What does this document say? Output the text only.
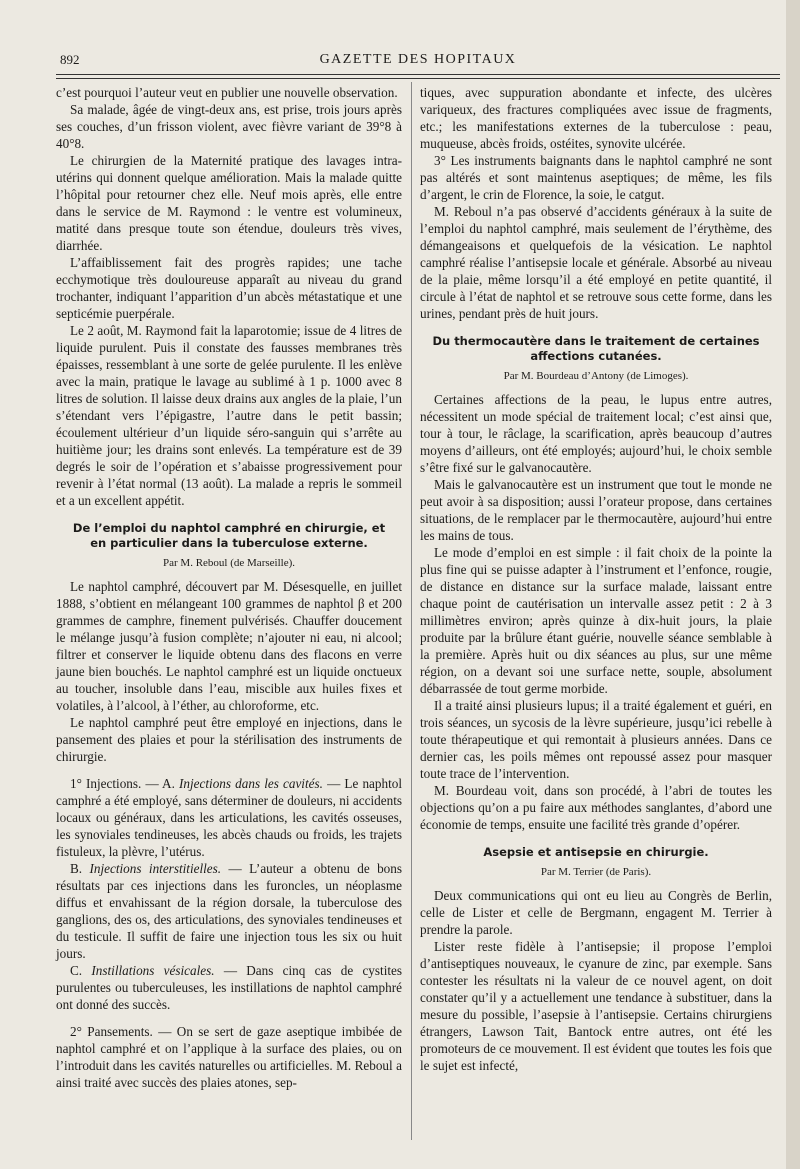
892	GAZETTE DES HOPITAUX

c’est pourquoi l’auteur veut en publier une nouvelle observation.

Sa malade, âgée de vingt-deux ans, est prise, trois jours après ses couches, d’un frisson violent, avec fièvre variant de 39°8 à 40°8.

Le chirurgien de la Maternité pratique des lavages intra-utérins qui donnent quelque amélioration. Mais la malade quitte l’hôpital pour retourner chez elle. Neuf mois après, elle entre dans le service de M. Raymond : le ventre est volumineux, matité dans presque toute son étendue, douleurs très vives, diarrhée.

L’affaiblissement fait des progrès rapides; une tache ecchymotique très douloureuse apparaît au niveau du grand trochanter, indiquant l’apparition d’un abcès métastatique et une septicémie puerpérale.

Le 2 août, M. Raymond fait la laparotomie; issue de 4 litres de liquide purulent. Puis il constate des fausses membranes très épaisses, ressemblant à une sorte de gelée purulente. Il les enlève avec la main, pratique le lavage au sublimé à 1 p. 1000 avec 8 litres de solution. Il laisse deux drains aux angles de la plaie, l’un s’étendant vers l’épigastre, l’autre dans le petit bassin; écoulement ultérieur d’un liquide séro-sanguin qui s’arrête au huitième jour; les drains sont enlevés. La température est de 39 degrés le soir de l’opération et s’abaisse progressivement pour revenir à l’état normal (13 août). La malade a repris le sommeil et a un excellent appétit.

De l’emploi du naphtol camphré en chirurgie, et en particulier dans la tuberculose externe.
Par M. Reboul (de Marseille).

Le naphtol camphré, découvert par M. Désesquelle, en juillet 1888, s’obtient en mélangeant 100 grammes de naphtol β et 200 grammes de camphre, finement pulvérisés. Chauffer doucement le mélange jusqu’à fusion complète; n’ajouter ni eau, ni alcool; filtrer et conserver le liquide obtenu dans des flacons en verre jaune bien bouchés. Le naphtol camphré est un liquide onctueux au toucher, insoluble dans l’eau, miscible aux huiles fixes et volatiles, à l’alcool, à l’éther, au chloroforme, etc.

Le naphtol camphré peut être employé en injections, dans le pansement des plaies et pour la stérilisation des instruments de chirurgie.

1° Injections. — A. Injections dans les cavités. — Le naphtol camphré a été employé, sans déterminer de douleurs, ni accidents locaux ou généraux, dans les articulations, les cavités osseuses, les synoviales tendineuses, les abcès chauds ou froids, les trajets fistuleux, la plèvre, l’utérus.

B. Injections interstitielles. — L’auteur a obtenu de bons résultats par ces injections dans les furoncles, un néoplasme diffus et envahissant de la région dorsale, la tuberculose des ganglions, des os, des articulations, des synoviales tendineuses et du testicule. Il suffit de faire une injection tous les six ou huit jours.

C. Instillations vésicales. — Dans cinq cas de cystites purulentes ou tuberculeuses, les instillations de naphtol camphré ont donné des succès.

2° Pansements. — On se sert de gaze aseptique imbibée de naphtol camphré et on l’applique à la surface des plaies, ou on l’introduit dans les cavités naturelles ou artificielles. M. Reboul a ainsi traité avec succès des plaies atones, sep-

tiques, avec suppuration abondante et infecte, des ulcères variqueux, des fractures compliquées avec issue de fragments, etc.; les manifestations externes de la tuberculose : peau, muqueuse, abcès froids, ostéites, synovite ulcérée.

3° Les instruments baignants dans le naphtol camphré ne sont pas altérés et sont maintenus aseptiques; de même, les fils d’argent, le crin de Florence, la soie, le catgut.

M. Reboul n’a pas observé d’accidents généraux à la suite de l’emploi du naphtol camphré, mais seulement de l’érythème, des démangeaisons et quelquefois de la vésication. Le naphtol camphré réalise l’antisepsie locale et générale. Absorbé au niveau de la plaie, même lorsqu’il a été employé en petite quantité, il circule à l’état de naphtol et se retrouve sous cette forme, dans les urines, pendant près de huit jours.

Du thermocautère dans le traitement de certaines affections cutanées.
Par M. Bourdeau d’Antony (de Limoges).

Certaines affections de la peau, le lupus entre autres, nécessitent un mode spécial de traitement local; c’est ainsi que, tour à tour, le râclage, la scarification, après beaucoup d’autres moyens d’ailleurs, ont été employés; aujourd’hui, le choix semble s’être fixé sur le galvanocautère.

Mais le galvanocautère est un instrument que tout le monde ne peut avoir à sa disposition; aussi l’orateur propose, dans certaines situations, de le remplacer par le thermocautère, aujourd’hui entre les mains de tous.

Le mode d’emploi en est simple : il fait choix de la pointe la plus fine qui se puisse adapter à l’instrument et l’enfonce, rougie, de distance en distance sur la surface malade, laissant entre chaque point de cautérisation un intervalle assez petit : 2 à 3 millimètres environ; après quinze à dix-huit jours, la plaie produite par la brûlure étant guérie, nouvelle séance semblable à la première. Après huit ou dix séances au plus, sur une même région, on a devant soi une surface nette, souple, absolument débarrassée de tout germe morbide.

Il a traité ainsi plusieurs lupus; il a traité également et guéri, en trois séances, un sycosis de la lèvre supérieure, jusqu’ici rebelle à toute thérapeutique et qui remontait à plusieurs années. Dans ce dernier cas, les poils mêmes ont repoussé assez pour masquer toute trace de l’intervention.

M. Bourdeau voit, dans son procédé, à l’abri de toutes les objections qu’on a pu faire aux méthodes sanglantes, d’abord une économie de temps, ensuite une facilité très grande d’opérer.

Asepsie et antisepsie en chirurgie.
Par M. Terrier (de Paris).

Deux communications qui ont eu lieu au Congrès de Berlin, celle de Lister et celle de Bergmann, engagent M. Terrier à prendre la parole.

Lister reste fidèle à l’antisepsie; il propose l’emploi d’antiseptiques nouveaux, le cyanure de zinc, par exemple. Sans contester les résultats ni la valeur de ce nouvel agent, on doit constater qu’il y a actuellement une tendance à substituer, dans la mesure du possible, l’asepsie à l’antisepsie. Certains chirurgiens étrangers, Lawson Tait, Bantock entre autres, ont été les promoteurs de ce mouvement. Il est évident que toutes les fois que le sujet est infecté,
